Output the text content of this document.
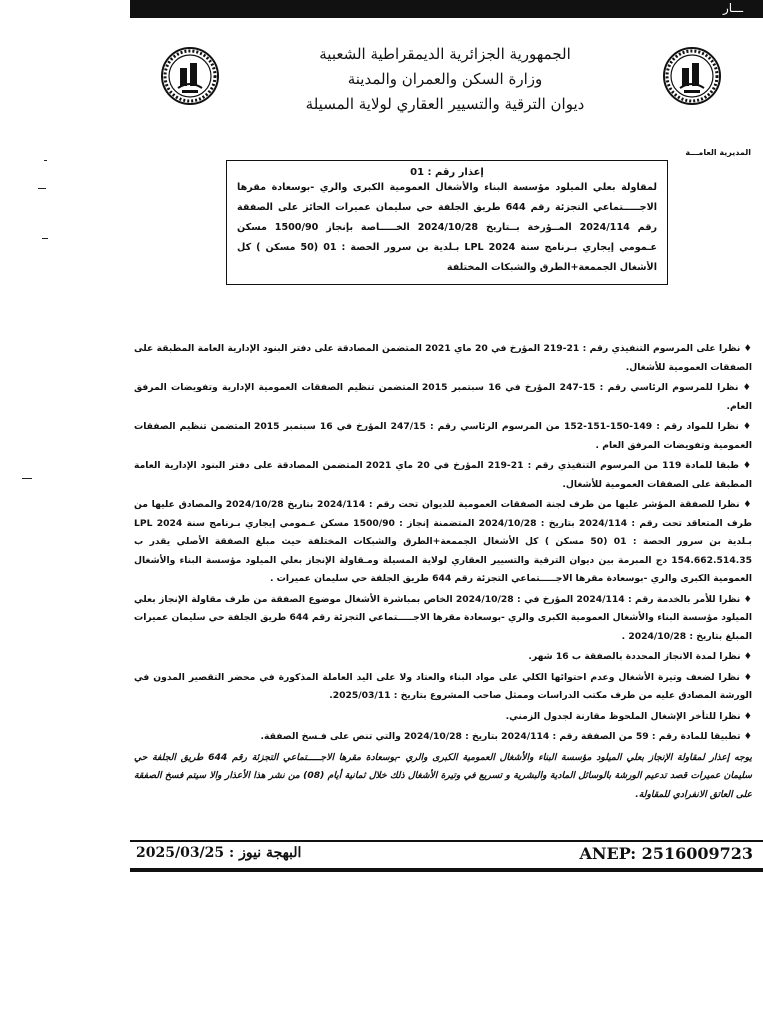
ـــار
الجمهورية الجزائرية الديمقراطية الشعبية
وزارة السكن والعمران والمدينة
ديوان الترقية والتسيير العقاري لولاية المسيلة
المديرية العامـــة
إعذار رقم : 01
لمقاولة بعلي الميلود مؤسسة البناء والأشغال العمومية الكبرى والري -بوسعادة مقرها الاجـــــتماعي التجزئة رقم 644 طريق الجلفة حي سليمان عميرات الحائز على الصفقة رقم 2024/114 المــؤرخة بــتاريخ 2024/10/28 الخـــــاصة بإنجاز 1500/90 مسكن عـمومي إيجاري بـرنامج سنة 2024 LPL بـلدية بن سرور الحصة : 01 (50 مسكن ) كل الأشغال الجممعة+الطرق والشبكات المختلفة

♦ نظرا على المرسوم التنفيذي رقم : 21-219 المؤرخ في 20 ماي 2021 المتضمن المصادقة على دفتر البنود الإدارية العامة المطبقة على الصفقات العمومية للأشغال.

♦ نظرا للمرسوم الرئاسي رقم : 15-247 المؤرخ في 16 سبتمبر 2015 المتضمن تنظيم الصفقات العمومية الإدارية وتفويضات المرفق العام.

♦ نظرا للمواد رقم : 149-150-151-152 من المرسوم الرئاسي رقم : 247/15 المؤرخ في 16 سبتمبر 2015 المتضمن تنظيم الصفقات العمومية وتفويضات المرفق العام .

♦ طبقا للمادة 119 من المرسوم التنفيذي رقم : 21-219 المؤرخ في 20 ماي 2021 المتضمن المصادقة على دفتر البنود الإدارية العامة المطبقة على الصفقات العمومية للأشغال.

♦ نظرا للصفقة المؤشر عليها من طرف لجنة الصفقات العمومية للديوان تحت رقم : 2024/114 بتاريخ 2024/10/28 والمصادق عليها من طرف المتعاقد تحت رقم : 2024/114 بتاريخ : 2024/10/28 المتضمنة إنجاز : 1500/90 مسكن عـمومي إيجاري بـرنامج سنة 2024 LPL بـلدية بن سرور الحصة : 01 (50 مسكن ) كل الأشغال الجممعة+الطرق والشبكات المختلفة حيث مبلغ الصفقة الأصلي يقدر ب 154.662.514.35 دج المبرمة بين ديوان الترقية والتسيير العقاري لولاية المسيلة ومـقاولة الإنجاز بعلي الميلود مؤسسة البناء والأشغال العمومية الكبرى والري -بوسعادة مقرها الاجـــــتماعي التجزئة رقم 644 طريق الجلفة حي سليمان عميرات .

♦ نظرا للأمر بالخدمة رقم : 2024/114 المؤرخ في : 2024/10/28 الخاص بمباشرة الأشغال موضوع الصفقة من طرف مقاولة الإنجاز بعلي الميلود مؤسسة البناء والأشغال العمومية الكبرى والري -بوسعادة مقرها الاجـــــتماعي التجزئة رقم 644 طريق الجلفة حي سليمان عميرات المبلغ بتاريخ : 2024/10/28 .

♦ نظرا لمدة الانجاز المحددة بالصفقة ب 16 شهر.

♦ نظرا لضعف وتيرة الأشغال وعدم احتوائها الكلي على مواد البناء والعتاد ولا على اليد العاملة المذكورة في محضر التقصير المدون في الورشة المصادق عليه من طرف مكتب الدراسات وممثل صاحب المشروع بتاريخ : 2025/03/11.

♦ نظرا للتأخر الإشغال الملحوظ مقارنة لجدول الزمني.

♦ تطبيقا للمادة رقم : 59 من الصفقة رقم : 2024/114 بتاريخ : 2024/10/28 والتي تنص على فـسخ الصفقة.

يوجه إعذار لمقاولة الإنجاز بعلي الميلود مؤسسة البناء والأشغال العمومية الكبرى والري -بوسعادة مقرها الاجـــــتماعي التجزئة رقم 644 طريق الجلفة حي سليمان عميرات قصد تدعيم الورشة بالوسائل المادية والبشرية و تسريع في وتيرة الأشغال ذلك خلال ثمانية أيام (08) من نشر هذا الأعذار والا سيتم فسخ الصفقة على العاتق الانفرادي للمقاولة.

البهجة نيوز : 2025/03/25	ANEP: 2516009723
